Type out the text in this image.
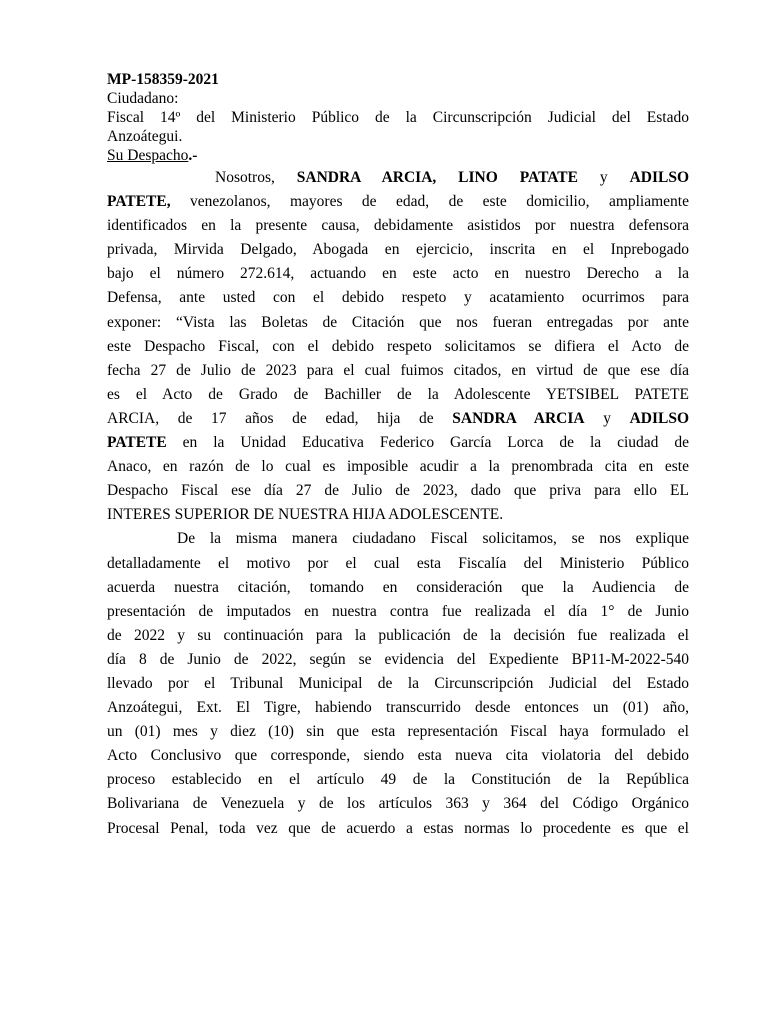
MP-158359-2021
Ciudadano:
Fiscal 14º del Ministerio Público de la Circunscripción Judicial del Estado
Anzoátegui.
Su Despacho.-
Nosotros, SANDRA ARCIA, LINO PATATE y ADILSO
PATETE, venezolanos, mayores de edad, de este domicilio, ampliamente
identificados en la presente causa, debidamente asistidos por nuestra defensora
privada, Mirvida Delgado, Abogada en ejercicio, inscrita en el Inprebogado
bajo el número 272.614, actuando en este acto en nuestro Derecho a la
Defensa, ante usted con el debido respeto y acatamiento ocurrimos para
exponer: “Vista las Boletas de Citación que nos fueran entregadas por ante
este Despacho Fiscal, con el debido respeto solicitamos se difiera el Acto de
fecha 27 de Julio de 2023 para el cual fuimos citados, en virtud de que ese día
es el Acto de Grado de Bachiller de la Adolescente YETSIBEL PATETE
ARCIA, de 17 años de edad, hija de SANDRA ARCIA y ADILSO
PATETE en la Unidad Educativa Federico García Lorca de la ciudad de
Anaco, en razón de lo cual es imposible acudir a la prenombrada cita en este
Despacho Fiscal ese día 27 de Julio de 2023, dado que priva para ello EL
INTERES SUPERIOR DE NUESTRA HIJA ADOLESCENTE.
De la misma manera ciudadano Fiscal solicitamos, se nos explique
detalladamente el motivo por el cual esta Fiscalía del Ministerio Público
acuerda nuestra citación, tomando en consideración que la Audiencia de
presentación de imputados en nuestra contra fue realizada el día 1° de Junio
de 2022 y su continuación para la publicación de la decisión fue realizada el
día 8 de Junio de 2022, según se evidencia del Expediente BP11-M-2022-540
llevado por el Tribunal Municipal de la Circunscripción Judicial del Estado
Anzoátegui, Ext. El Tigre, habiendo transcurrido desde entonces un (01) año,
un (01) mes y diez (10) sin que esta representación Fiscal haya formulado el
Acto Conclusivo que corresponde, siendo esta nueva cita violatoria del debido
proceso establecido en el artículo 49 de la Constitución de la República
Bolivariana de Venezuela y de los artículos 363 y 364 del Código Orgánico
Procesal Penal, toda vez que de acuerdo a estas normas lo procedente es que el
